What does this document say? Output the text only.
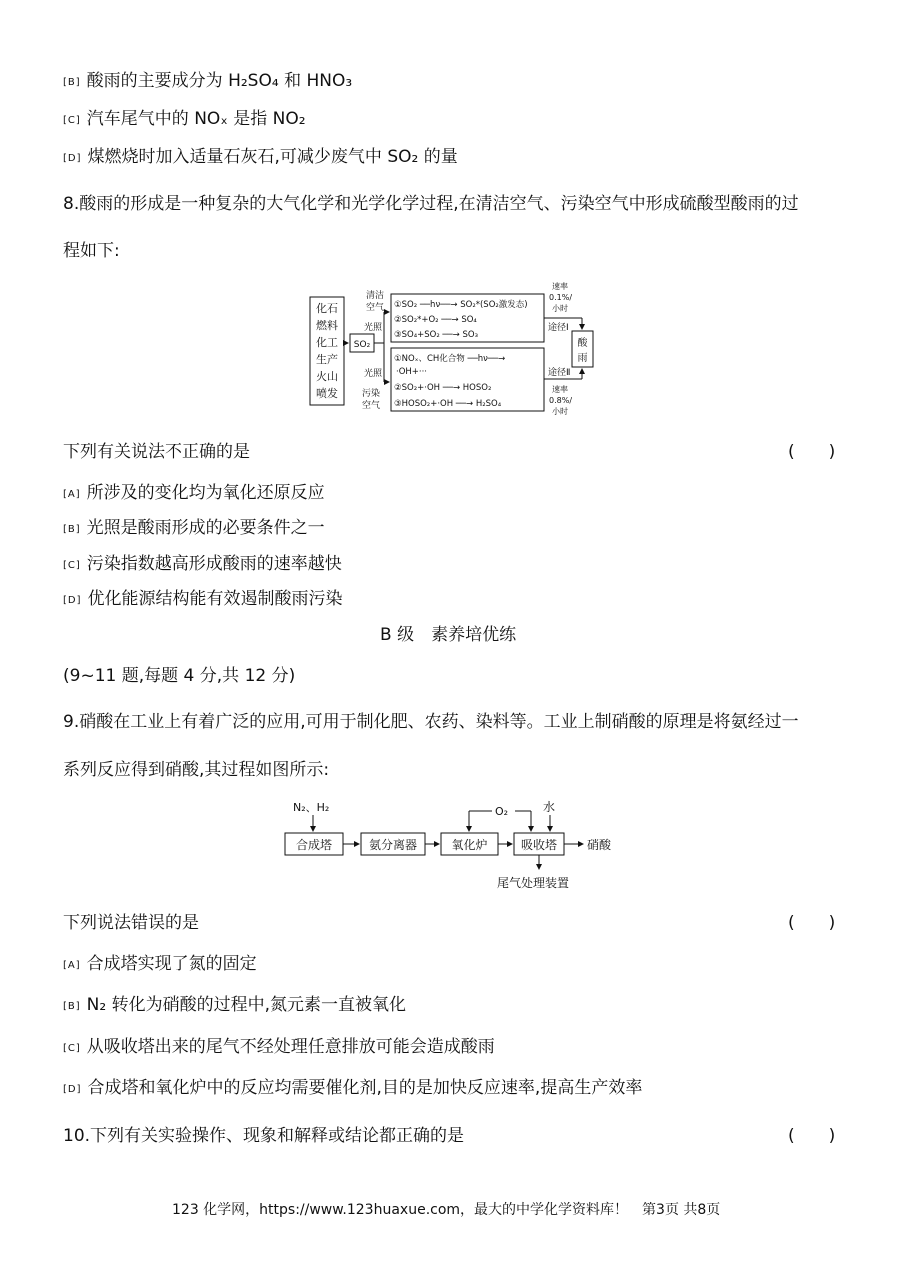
[B] 酸雨的主要成分为 H₂SO₄ 和 HNO₃
[C] 汽车尾气中的 NOₓ 是指 NO₂
[D] 煤燃烧时加入适量石灰石,可减少废气中 SO₂ 的量
8.酸雨的形成是一种复杂的大气化学和光学化学过程,在清洁空气、污染空气中形成硫酸型酸雨的过
程如下:
化石
燃料
化工
生产
火山
喷发
SO₂
清洁
空气
光照
光照
污染
空气
①SO₂ ──hν──→ SO₂*(SO₂激发态)
②SO₂*+O₂ ──→ SO₄
③SO₄+SO₂ ──→ SO₃
①NOₓ、CH化合物 ──hν──→
·OH+···
②SO₂+·OH ──→ HOSO₂
③HOSO₂+·OH ──→ H₂SO₄
途径Ⅰ
途径Ⅱ
速率
0.1%/
小时
速率
0.8%/
小时
酸
雨
下列有关说法不正确的是	(　　)
[A] 所涉及的变化均为氧化还原反应
[B] 光照是酸雨形成的必要条件之一
[C] 污染指数越高形成酸雨的速率越快
[D] 优化能源结构能有效遏制酸雨污染
B 级　素养培优练
(9~11 题,每题 4 分,共 12 分)
9.硝酸在工业上有着广泛的应用,可用于制化肥、农药、染料等。工业上制硝酸的原理是将氨经过一
系列反应得到硝酸,其过程如图所示:
N₂、H₂
合成塔	氨分离器	氧化炉	吸收塔
O₂	水
硝酸
尾气处理装置
下列说法错误的是	(　　)
[A] 合成塔实现了氮的固定
[B] N₂ 转化为硝酸的过程中,氮元素一直被氧化
[C] 从吸收塔出来的尾气不经处理任意排放可能会造成酸雨
[D] 合成塔和氧化炉中的反应均需要催化剂,目的是加快反应速率,提高生产效率
10.下列有关实验操作、现象和解释或结论都正确的是	(　　)
123 化学网，https://www.123huaxue.com，最大的中学化学资料库！　第3页 共8页
